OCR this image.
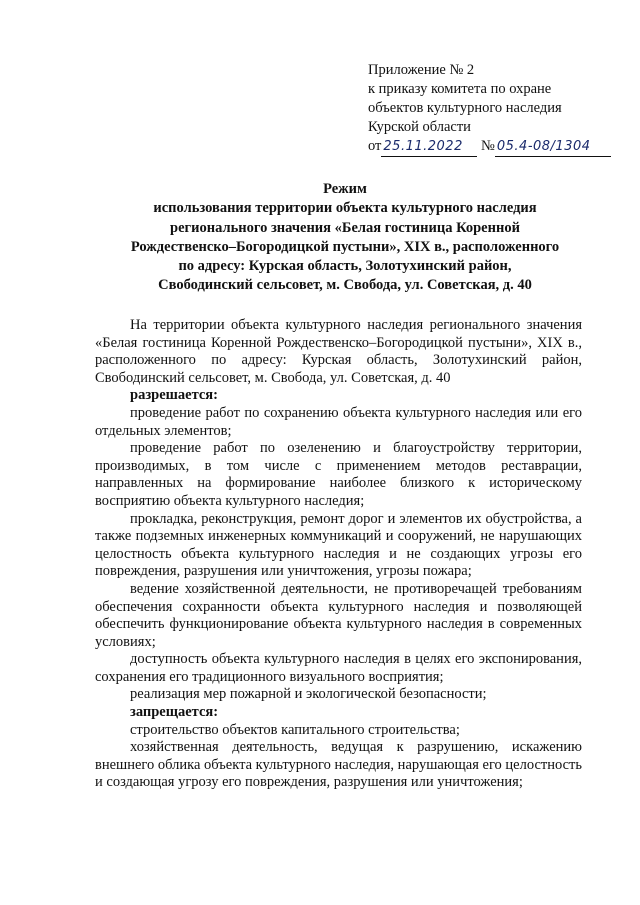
Приложение № 2
к приказу комитета по охране
объектов культурного наследия
Курской области
от 25.11.2022 № 05.4-08/1304
Режим
использования территории объекта культурного наследия
регионального значения «Белая гостиница Коренной
Рождественско–Богородицкой пустыни», XIX в., расположенного
по адресу: Курская область, Золотухинский район,
Свободинский сельсовет, м. Свобода, ул. Советская, д. 40

На территории объекта культурного наследия регионального значения «Белая гостиница Коренной Рождественско–Богородицкой пустыни», XIX в., расположенного по адресу: Курская область, Золотухинский район, Свободинский сельсовет, м. Свобода, ул. Советская, д. 40

разрешается:

проведение работ по сохранению объекта культурного наследия или его отдельных элементов;

проведение работ по озеленению и благоустройству территории, производимых, в том числе с применением методов реставрации, направленных на формирование наиболее близкого к историческому восприятию объекта культурного наследия;

прокладка, реконструкция, ремонт дорог и элементов их обустройства, а также подземных инженерных коммуникаций и сооружений, не нарушающих целостность объекта культурного наследия и не создающих угрозы его повреждения, разрушения или уничтожения, угрозы пожара;

ведение хозяйственной деятельности, не противоречащей требованиям обеспечения сохранности объекта культурного наследия и позволяющей обеспечить функционирование объекта культурного наследия в современных условиях;

доступность объекта культурного наследия в целях его экспонирования, сохранения его традиционного визуального восприятия;

реализация мер пожарной и экологической безопасности;

запрещается:

строительство объектов капитального строительства;

хозяйственная деятельность, ведущая к разрушению, искажению внешнего облика объекта культурного наследия, нарушающая его целостность и создающая угрозу его повреждения, разрушения или уничтожения;
